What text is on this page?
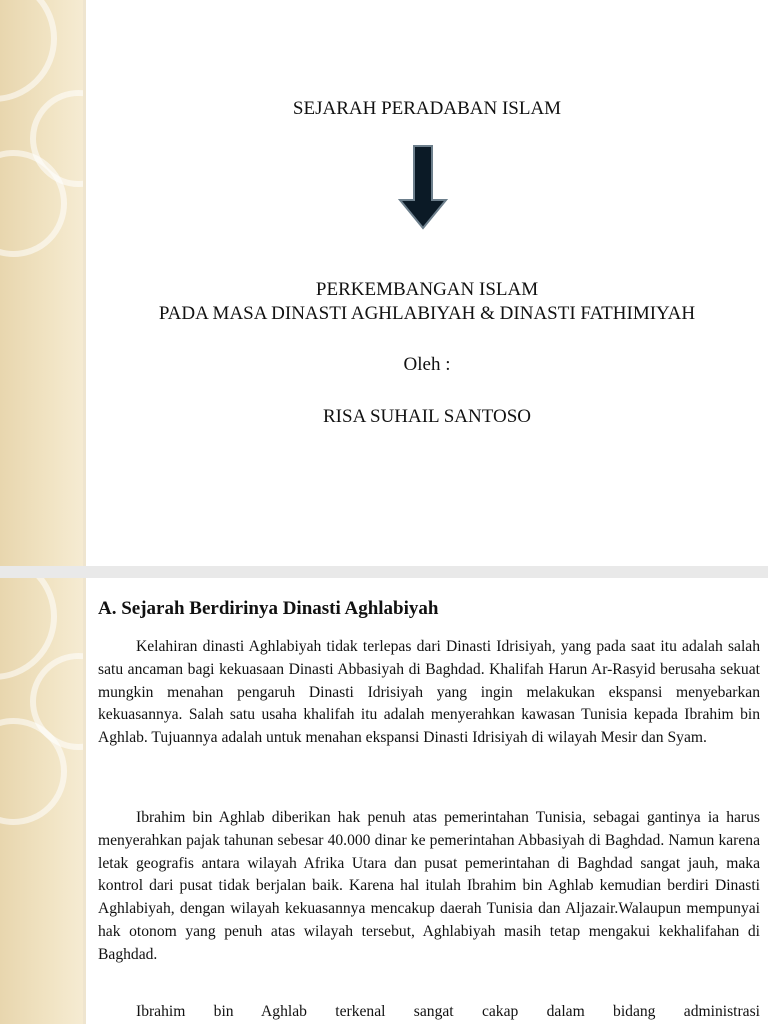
SEJARAH PERADABAN ISLAM
PERKEMBANGAN ISLAM
PADA MASA DINASTI AGHLABIYAH & DINASTI FATHIMIYAH
Oleh :
RISA SUHAIL SANTOSO
A. Sejarah Berdirinya Dinasti Aghlabiyah

Kelahiran dinasti Aghlabiyah tidak terlepas dari Dinasti Idrisiyah, yang pada saat itu adalah salah satu ancaman bagi kekuasaan Dinasti Abbasiyah di Baghdad. Khalifah Harun Ar-Rasyid berusaha sekuat mungkin menahan pengaruh Dinasti Idrisiyah yang ingin melakukan ekspansi menyebarkan kekuasannya. Salah satu usaha khalifah itu adalah menyerahkan kawasan Tunisia kepada Ibrahim bin Aghlab. Tujuannya adalah untuk menahan ekspansi Dinasti Idrisiyah di wilayah Mesir dan Syam.

Ibrahim bin Aghlab diberikan hak penuh atas pemerintahan Tunisia, sebagai gantinya ia harus menyerahkan pajak tahunan sebesar 40.000 dinar ke pemerintahan Abbasiyah di Baghdad. Namun karena letak geografis antara wilayah Afrika Utara dan pusat pemerintahan di Baghdad sangat jauh, maka kontrol dari pusat tidak berjalan baik. Karena hal itulah Ibrahim bin Aghlab kemudian berdiri Dinasti Aghlabiyah, dengan wilayah kekuasannya mencakup daerah Tunisia dan Aljazair.Walaupun mempunyai hak otonom yang penuh atas wilayah tersebut, Aghlabiyah masih tetap mengakui kekhalifahan di Baghdad.

Ibrahim bin Aghlab terkenal sangat cakap dalam bidang administrasi
